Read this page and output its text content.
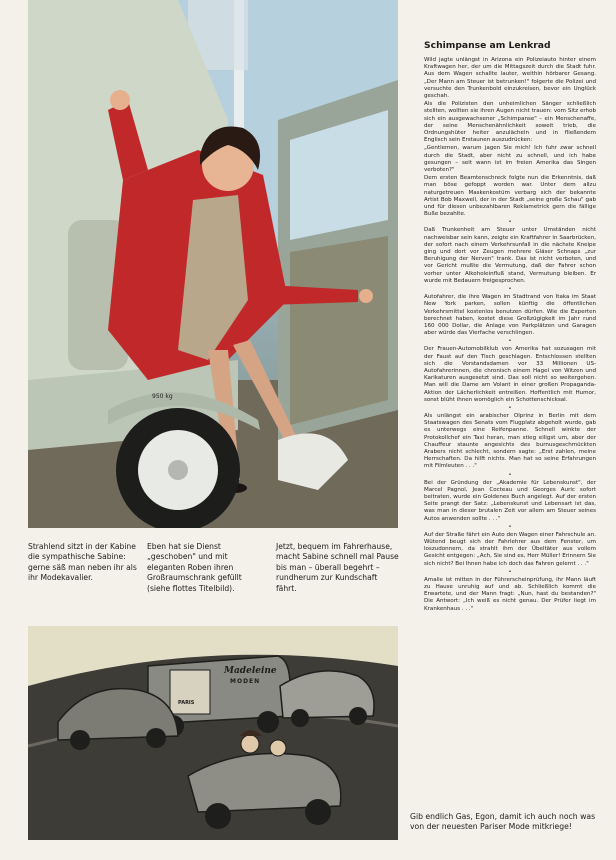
950 kg
Strahlend sitzt in der Kabine die sympathische Sabine: gerne säß man neben ihr als ihr Modekavalier.
Eben hat sie Dienst „geschoben" und mit eleganten Roben ihren Großraumschrank gefüllt (siehe flottes Titelbild).
Jetzt, bequem im Fahrerhause, macht Sabine schnell mal Pause bis man – überall begehrt – rundherum zur Kundschaft fährt.
Madeleine
MODEN
PARIS
Schimpanse am Lenkrad

Wild jagte unlängst in Arizona ein Polizeiauto hinter einem Kraftwagen her, der um die Mittagszeit durch die Stadt fuhr. Aus dem Wagen schallte lauter, weithin hörbarer Gesang. „Der Mann am Steuer ist betrunken!" folgerte die Polizei und versuchte den Trunkenbold einzukreisen, bevor ein Unglück geschah.

Als die Polizisten den unheimlichen Sänger schließlich stellten, wollten sie ihren Augen nicht trauen: vom Sitz erhob sich ein ausgewachsener „Schimpanse" – ein Menschenaffe, der seine Menschenähnlichkeit soweit trieb, die Ordnungshüter heiter anzulächeln und in fließendem Englisch sein Erstaunen auszudrücken:

„Gentlemen, warum jagen Sie mich! Ich fuhr zwar schnell durch die Stadt, aber nicht zu schnell, und ich habe gesungen – seit wann ist im freien Amerika das Singen verboten?"

Dem ersten Beamtenschreck folgte nun die Erkenntnis, daß man böse gefoppt worden war. Unter dem allzu naturgetreuen Maskenkostüm verbarg sich der bekannte Artist Bob Maxwell, der in der Stadt „seine große Schau" gab und für diesen unbezahlbaren Reklametrick gern die fällige Buße bezahlte.

•

Daß Trunkenheit am Steuer unter Umständen nicht nachweisbar sein kann, zeigte ein Kraftfahrer in Saarbrücken, der sofort nach einem Verkehrsunfall in die nächste Kneipe ging und dort vor Zeugen mehrere Gläser Schnaps „zur Beruhigung der Nerven" trank. Das ist nicht verboten, und vor Gericht mußte die Vermutung, daß der Fahrer schon vorher unter Alkoholeinfluß stand, Vermutung bleiben. Er wurde mit Bedauern freigesprochen.

•

Autofahrer, die ihre Wagen im Stadtrand von Itaka im Staat New York parken, sollen künftig die öffentlichen Verkehrsmittel kostenlos benutzen dürfen. Wie die Experten berechnet haben, kostet diese Großzügigkeit im Jahr rund 160 000 Dollar, die Anlage von Parkplätzen und Garagen aber würde das Vierfache verschlingen.

•

Der Frauen-Automobilklub von Amerika hat sozusagen mit der Faust auf den Tisch geschlagen. Entschlossen stellten sich die Vorstandsdamen vor 33 Millionen US-Autofahrerinnen, die chronisch einem Hagel von Witzen und Karikaturen ausgesetzt sind. Das soll nicht so weitergehen. Man will die Dame am Volant in einer großen Propaganda-Aktion der Lächerlichkeit entreißen. Hoffentlich mit Humor, sonst blüht ihnen womöglich ein Schottenschicksal.

•

Als unlängst ein arabischer Olprinz in Berlin mit dem Staatswagen des Senats vom Flugplatz abgeholt wurde, gab es unterwegs eine Reifenpanne. Schnell winkte der Protokollchef ein Taxi heran, man stieg eiligst um, aber der Chauffeur staunte angesichts des burnusgeschmückten Arabers nicht schlecht, sondern sagte: „Erst zahlen, meine Herrschaften. Da hilft nichts. Man hat so seine Erfahrungen mit Filmleuten . . ."

•

Bei der Gründung der „Akademie für Lebenskunst", der Marcel Pagnol, Jean Cocteau und Georges Auric sofort beitraten, wurde ein Goldenes Buch angelegt. Auf der ersten Seite prangt der Satz: „Lebenskunst und Lebensart ist das, was man in dieser brutalen Zeit vor allem am Steuer seines Autos anwenden sollte . . ."

•

Auf der Straße fährt ein Auto den Wagen einer Fahrschule an. Wütend beugt sich der Fahrlehrer aus dem Fenster, um loszudonnern, da strahlt ihm der Übeltäter aus vollem Gesicht entgegen: „Ach, Sie sind es, Herr Müller! Erinnern Sie sich nicht? Bei Ihnen habe ich doch das Fahren gelernt . . ."

•

Amalie ist mitten in der Führerscheinprüfung, ihr Mann läuft zu Hause unruhig auf und ab. Schließlich kommt die Erwartete, und der Mann fragt: „Nun, hast du bestanden?" Die Antwort: „Ich weiß es nicht genau. Der Prüfer liegt im Krankenhaus . . ."

Gib endlich Gas, Egon, damit ich auch noch was von der neuesten Pariser Mode mitkriege!
